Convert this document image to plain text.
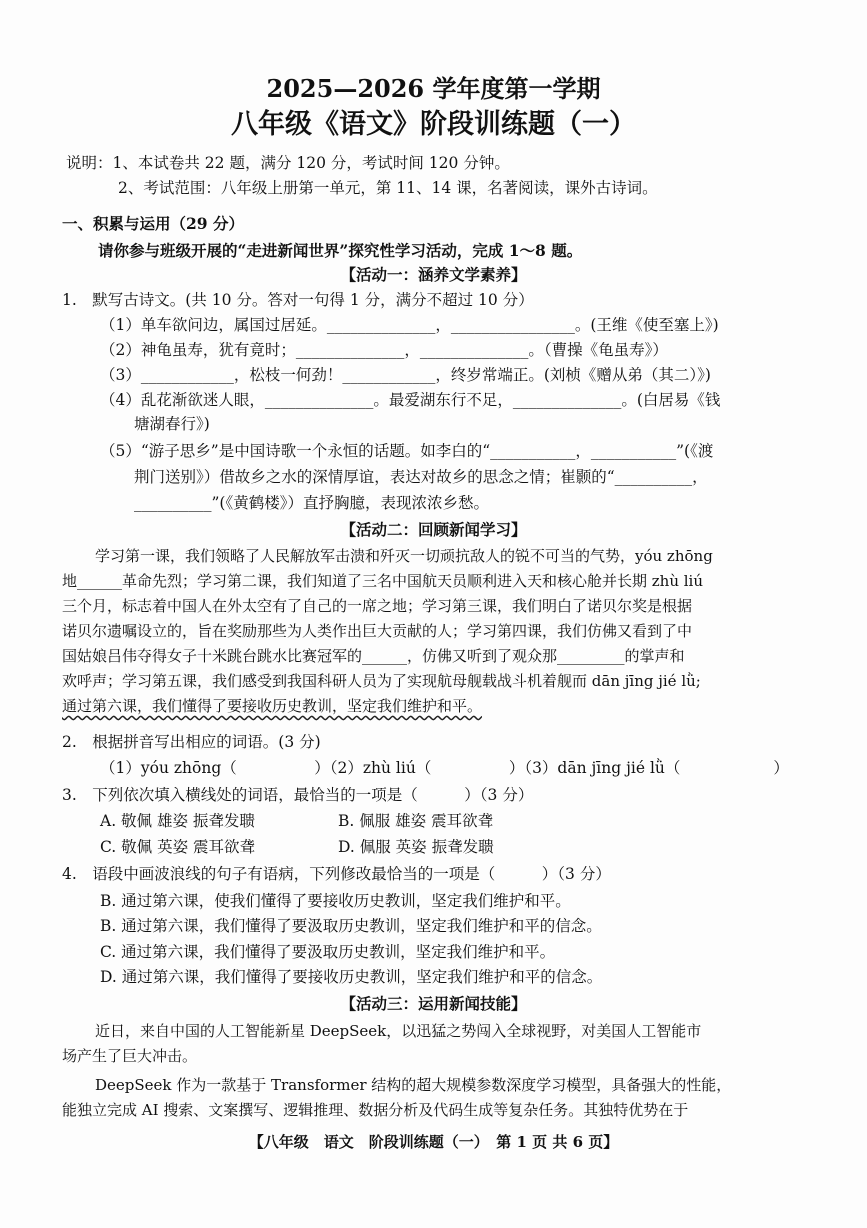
2025—2026 学年度第一学期
八年级《语文》阶段训练题（一）
说明：1、本试卷共 22 题，满分 120 分，考试时间 120 分钟。
2、考试范围：八年级上册第一单元，第 11、14 课，名著阅读，课外古诗词。
一、积累与运用（29 分）
请你参与班级开展的“走进新闻世界”探究性学习活动，完成 1～8 题。
【活动一：涵养文学素养】
1.　默写古诗文。(共 10 分。答对一句得 1 分，满分不超过 10 分）
（1）单车欲问边，属国过居延。______________，________________。(王维《使至塞上》)
（2）神龟虽寿，犹有竟时；______________，______________。（曹操《龟虽寿》）
（3）____________，松枝一何劲！____________，终岁常端正。(刘桢《赠从弟（其二）》)
（4）乱花渐欲迷人眼，______________。最爱湖东行不足，______________。(白居易《钱
塘湖春行》)
（5）“游子思乡”是中国诗歌一个永恒的话题。如李白的“___________，___________”(《渡
荆门送别》）借故乡之水的深情厚谊，表达对故乡的思念之情；崔颢的“__________，
__________”(《黄鹤楼》）直抒胸臆，表现浓浓乡愁。
【活动二：回顾新闻学习】
学习第一课，我们领略了人民解放军击溃和歼灭一切顽抗敌人的锐不可当的气势，yóu zhōng
地______革命先烈；学习第二课，我们知道了三名中国航天员顺利进入天和核心舱并长期 zhù liú
三个月，标志着中国人在外太空有了自己的一席之地；学习第三课，我们明白了诺贝尔奖是根据
诺贝尔遗嘱设立的，旨在奖励那些为人类作出巨大贡献的人；学习第四课，我们仿佛又看到了中
国姑娘吕伟夺得女子十米跳台跳水比赛冠军的______，仿佛又听到了观众那_________的掌声和
欢呼声；学习第五课，我们感受到我国科研人员为了实现航母舰载战斗机着舰而 dān jīng jié lǜ;
通过第六课，我们懂得了要接收历史教训，坚定我们维护和平。
2.　根据拼音写出相应的词语。(3 分)
（1）yóu zhōng（　　　　　）（2）zhù liú（　　　　　）（3）dān jīng jié lǜ（　　　　　　）
3.　下列依次填入横线处的词语，最恰当的一项是（　　　）（3 分）
A. 敬佩 雄姿 振聋发聩	B. 佩服 雄姿 震耳欲聋
C. 敬佩 英姿 震耳欲聋	D. 佩服 英姿 振聋发聩
4.　语段中画波浪线的句子有语病，下列修改最恰当的一项是（　　　）（3 分）
B. 通过第六课，使我们懂得了要接收历史教训，坚定我们维护和平。
B. 通过第六课，我们懂得了要汲取历史教训，坚定我们维护和平的信念。
C. 通过第六课，我们懂得了要汲取历史教训，坚定我们维护和平。
D. 通过第六课，我们懂得了要接收历史教训，坚定我们维护和平的信念。
【活动三：运用新闻技能】
近日，来自中国的人工智能新星 DeepSeek，以迅猛之势闯入全球视野，对美国人工智能市
场产生了巨大冲击。
DeepSeek 作为一款基于 Transformer 结构的超大规模参数深度学习模型，具备强大的性能，
能独立完成 AI 搜索、文案撰写、逻辑推理、数据分析及代码生成等复杂任务。其独特优势在于
【八年级　语文　阶段训练题（一）　第 1 页 共 6 页】
